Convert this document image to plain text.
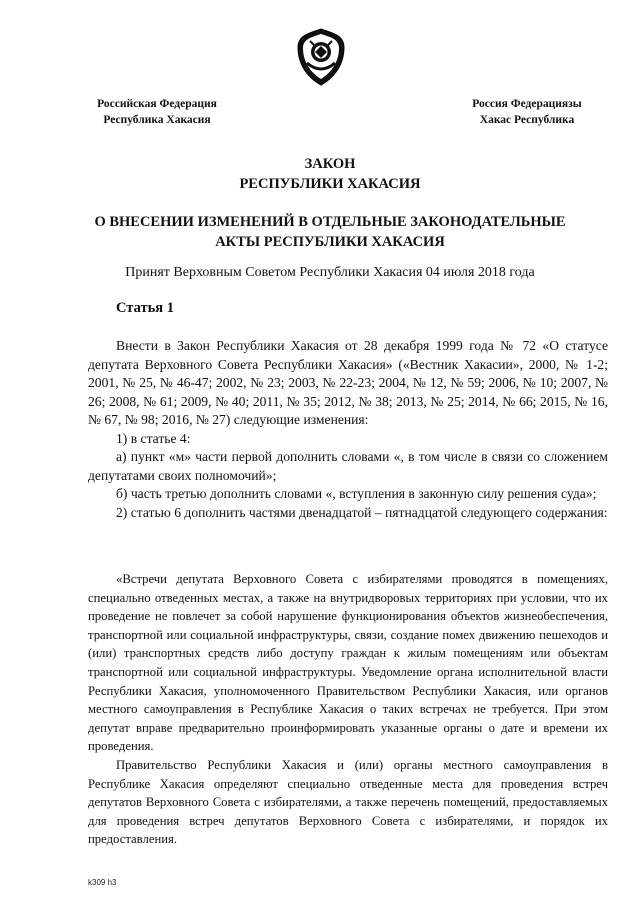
Российская Федерация
Республика Хакасия
Россия Федерациязы
Хакас Республика
ЗАКОН
РЕСПУБЛИКИ ХАКАСИЯ
О ВНЕСЕНИИ ИЗМЕНЕНИЙ В ОТДЕЛЬНЫЕ ЗАКОНОДАТЕЛЬНЫЕ
АКТЫ РЕСПУБЛИКИ ХАКАСИЯ
Принят Верховным Советом Республики Хакасия 04 июля 2018 года
Статья 1

Внести в Закон Республики Хакасия от 28 декабря 1999 года № 72 «О статусе депутата Верховного Совета Республики Хакасия» («Вестник Хакасии», 2000, № 1-2; 2001, № 25, № 46-47; 2002, № 23; 2003, № 22-23; 2004, № 12, № 59; 2006, № 10; 2007, № 26; 2008, № 61; 2009, № 40; 2011, № 35; 2012, № 38; 2013, № 25; 2014, № 66; 2015, № 16, № 67, № 98; 2016, № 27) следующие изменения:

1) в статье 4:

а) пункт «м» части первой дополнить словами «, в том числе в связи со сложением депутатами своих полномочий»;

б) часть третью дополнить словами «, вступления в законную силу решения суда»;

2) статью 6 дополнить частями двенадцатой – пятнадцатой следующего содержания:

«Встречи депутата Верховного Совета с избирателями проводятся в помещениях, специально отведенных местах, а также на внутридворовых территориях при условии, что их проведение не повлечет за собой нарушение функционирования объектов жизнеобеспечения, транспортной или социальной инфраструктуры, связи, создание помех движению пешеходов и (или) транспортных средств либо доступу граждан к жилым помещениям или объектам транспортной или социальной инфраструктуры. Уведомление органа исполнительной власти Республики Хакасия, уполномоченного Правительством Республики Хакасия, или органов местного самоуправления в Республике Хакасия о таких встречах не требуется. При этом депутат вправе предварительно проинформировать указанные органы о дате и времени их проведения.

Правительство Республики Хакасия и (или) органы местного самоуправления в Республике Хакасия определяют специально отведенные места для проведения встреч депутатов Верховного Совета с избирателями, а также перечень помещений, предоставляемых для проведения встреч депутатов Верховного Совета с избирателями, и порядок их предоставления.

k309 h3
